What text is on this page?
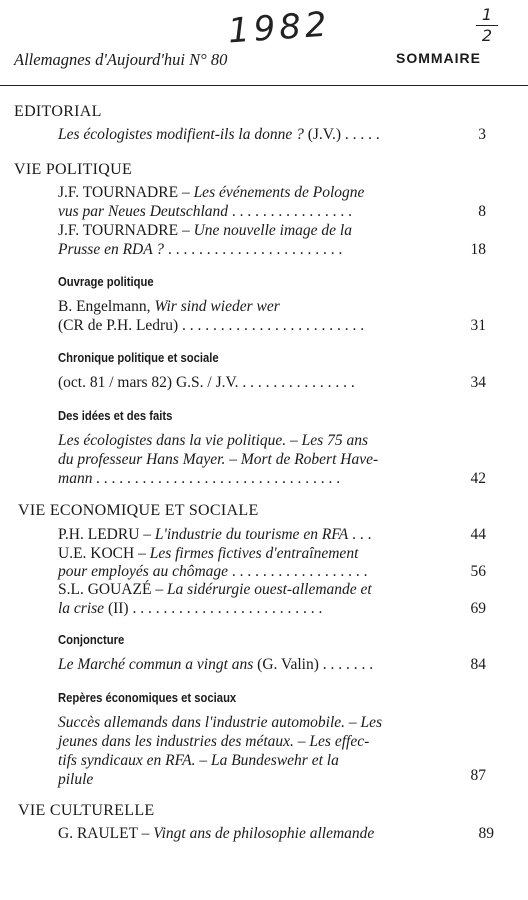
1982	1
2
Allemagnes d'Aujourd'hui N° 80	SOMMAIRE
EDITORIAL
Les écologistes modifient-ils la donne ? (J.V.) . . . . .	3
VIE POLITIQUE
J.F. TOURNADRE – Les événements de Pologne
vus par Neues Deutschland . . . . . . . . . . . . . . . .	8
J.F. TOURNADRE – Une nouvelle image de la
Prusse en RDA ? . . . . . . . . . . . . . . . . . . . . . . .	18
Ouvrage politique
B. Engelmann, Wir sind wieder wer
(CR de P.H. Ledru) . . . . . . . . . . . . . . . . . . . . . . . .	31
Chronique politique et sociale
(oct. 81 / mars 82) G.S. / J.V. . . . . . . . . . . . . . . .	34
Des idées et des faits
Les écologistes dans la vie politique. – Les 75 ans
du professeur Hans Mayer. – Mort de Robert Have-
mann . . . . . . . . . . . . . . . . . . . . . . . . . . . . . . . .	42
VIE ECONOMIQUE ET SOCIALE
P.H. LEDRU – L'industrie du tourisme en RFA . . .	44
U.E. KOCH – Les firmes fictives d'entraînement
pour employés au chômage . . . . . . . . . . . . . . . . . .	56
S.L. GOUAZÉ – La sidérurgie ouest-allemande et
la crise (II) . . . . . . . . . . . . . . . . . . . . . . . . .	69
Conjoncture
Le Marché commun a vingt ans (G. Valin) . . . . . . .	84
Repères économiques et sociaux
Succès allemands dans l'industrie automobile. – Les
jeunes dans les industries des métaux. – Les effec-
tifs syndicaux en RFA. – La Bundeswehr et la
pilule	87
VIE CULTURELLE
G. RAULET – Vingt ans de philosophie allemande	89
